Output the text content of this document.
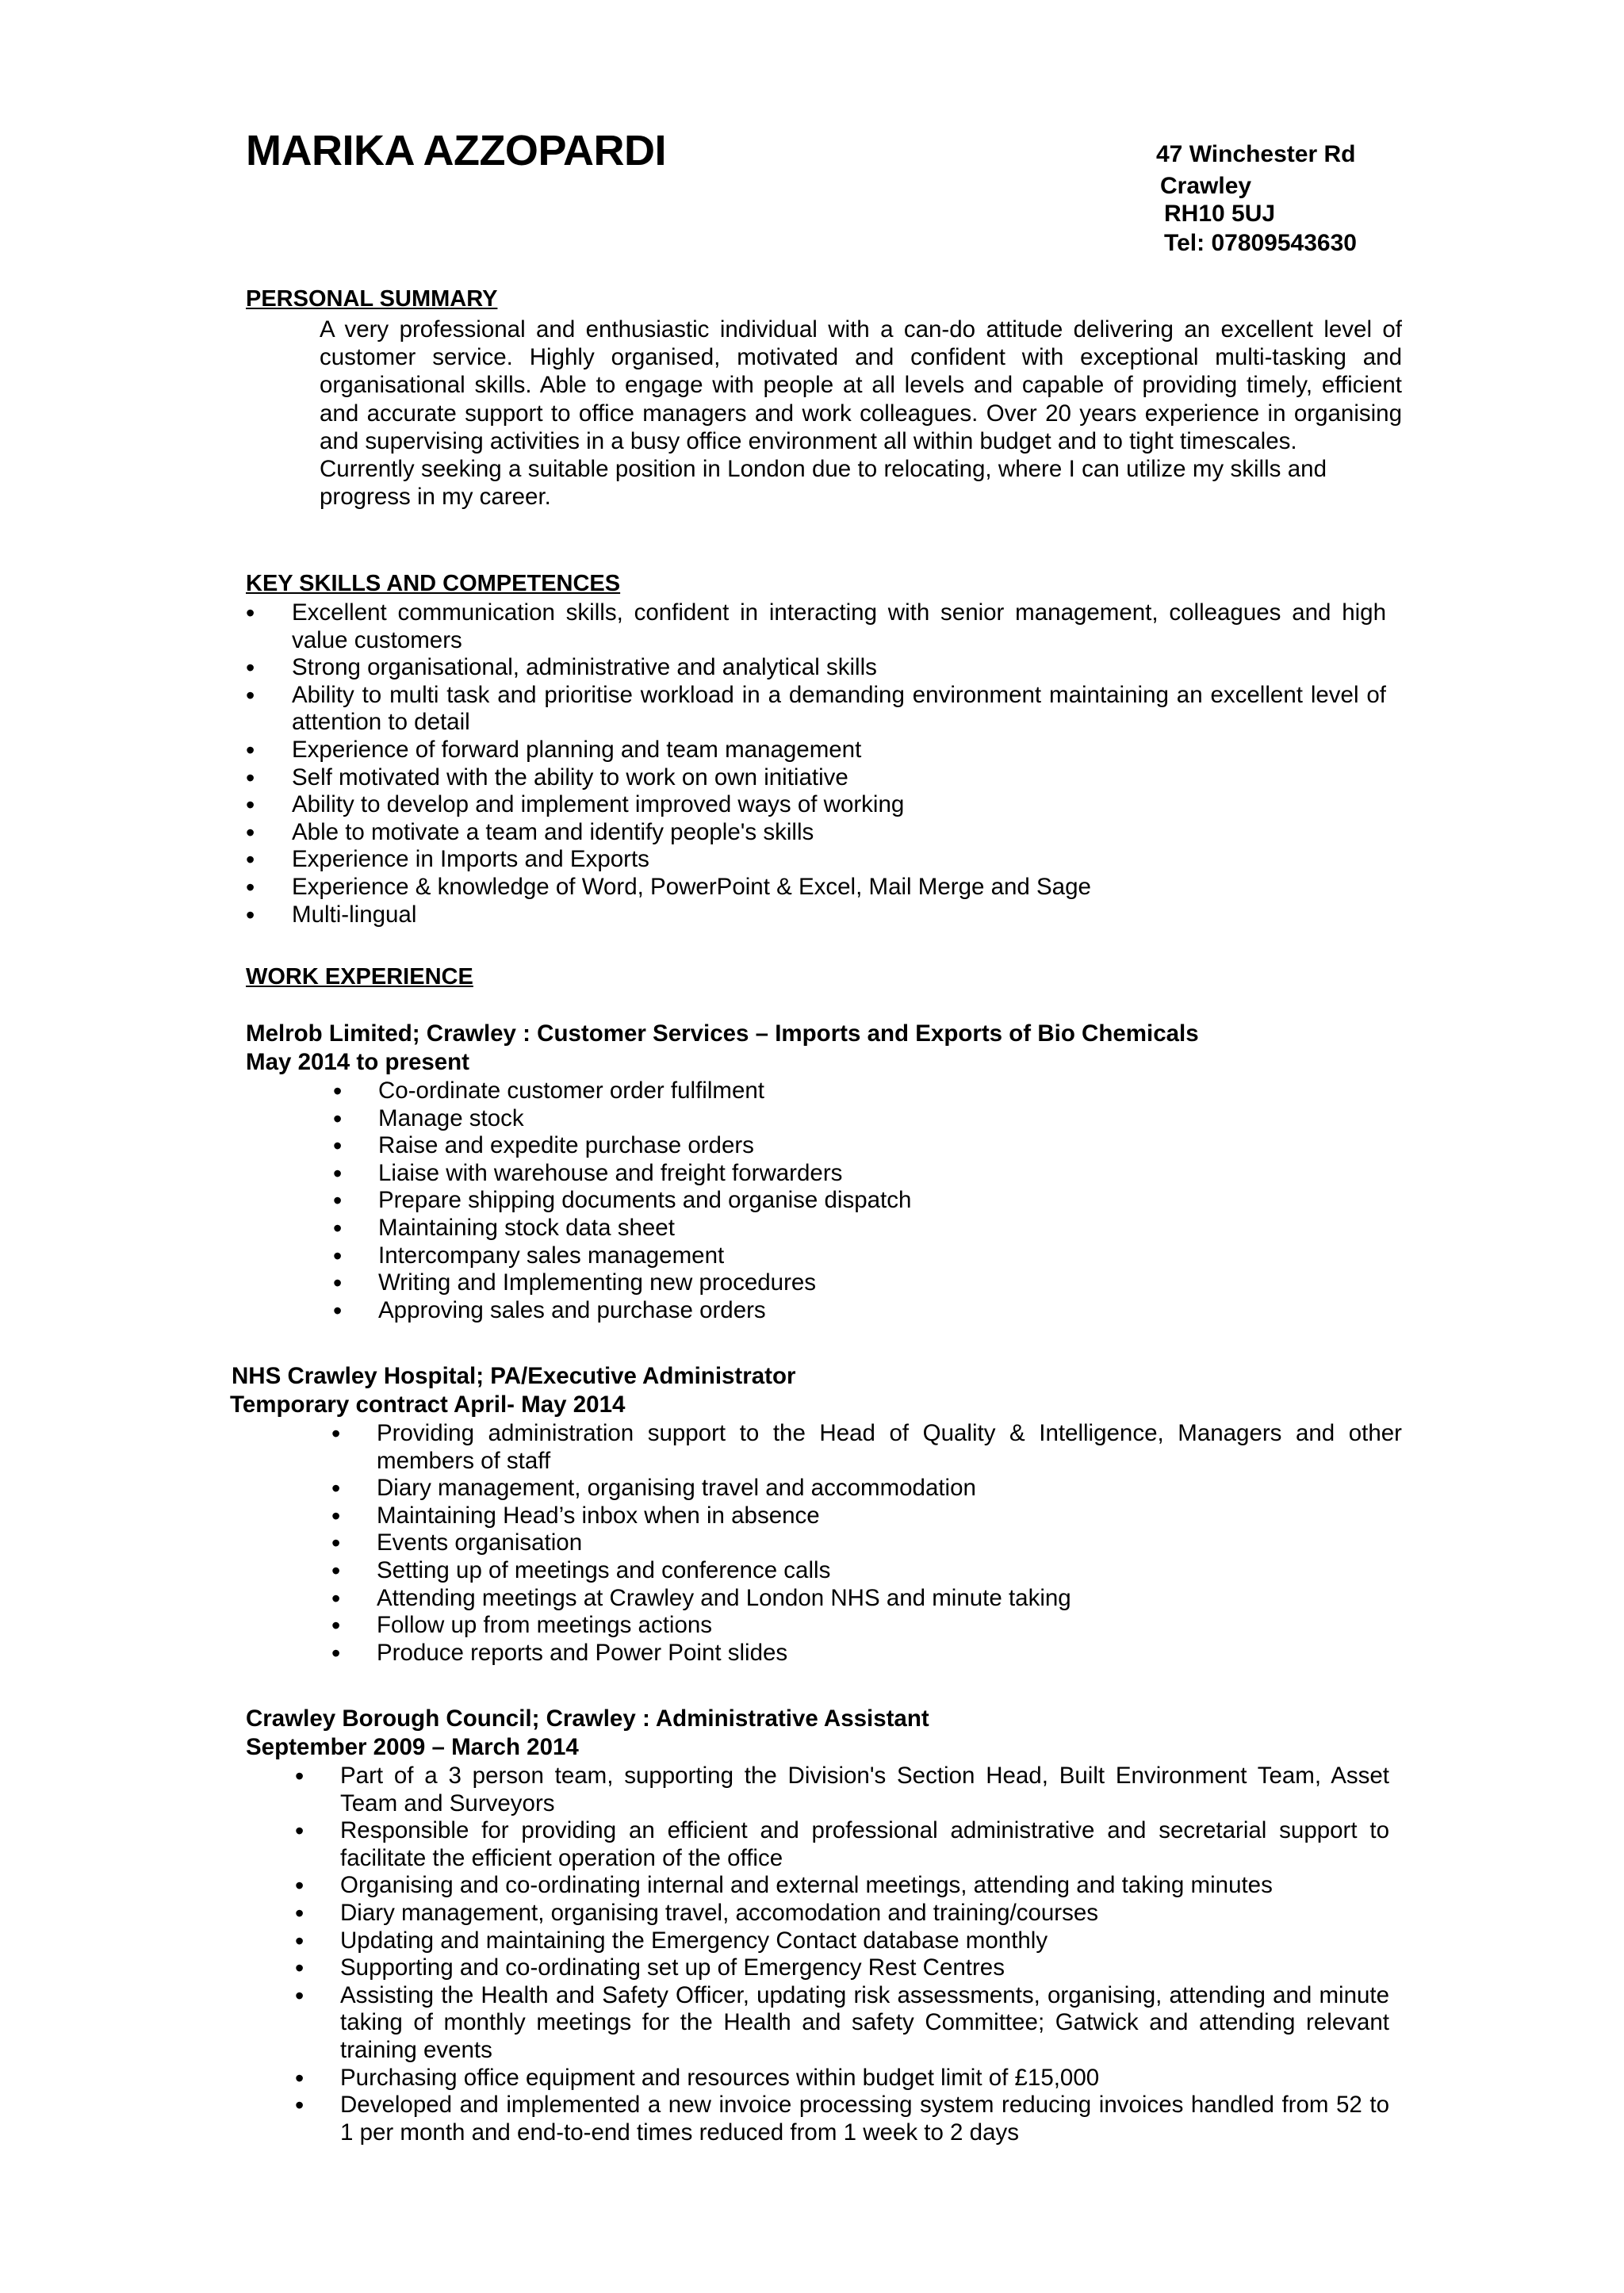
MARIKA AZZOPARDI	47 Winchester Rd
Crawley
RH10 5UJ
Tel: 07809543630
PERSONAL SUMMARY

A very professional and enthusiastic individual with a can-do attitude delivering an excellent level of customer service. Highly organised, motivated and confident with exceptional multi-tasking and organisational skills. Able to engage with people at all levels and capable of providing timely, efficient and accurate support to office managers and work colleagues. Over 20 years experience in organising and supervising activities in a busy office environment all within budget and to tight timescales.

Currently seeking a suitable position in London due to relocating, where I can utilize my skills and progress in my career.

KEY SKILLS AND COMPETENCES
• Excellent communication skills, confident in interacting with senior management, colleagues and high value customers
• Strong organisational, administrative and analytical skills
• Ability to multi task and prioritise workload in a demanding environment maintaining an excellent level of attention to detail
• Experience of forward planning and team management
• Self motivated with the ability to work on own initiative
• Ability to develop and implement improved ways of working
• Able to motivate a team and identify people's skills
• Experience in Imports and Exports
• Experience & knowledge of Word, PowerPoint & Excel, Mail Merge and Sage
• Multi-lingual
WORK EXPERIENCE
Melrob Limited; Crawley : Customer Services – Imports and Exports of Bio Chemicals
May 2014 to present
• Co-ordinate customer order fulfilment
• Manage stock
• Raise and expedite purchase orders
• Liaise with warehouse and freight forwarders
• Prepare shipping documents and organise dispatch
• Maintaining stock data sheet
• Intercompany sales management
• Writing and Implementing new procedures
• Approving sales and purchase orders
NHS Crawley Hospital; PA/Executive Administrator
Temporary contract April- May 2014
• Providing administration support to the Head of Quality & Intelligence, Managers and other members of staff
• Diary management, organising travel and accommodation
• Maintaining Head’s inbox when in absence
• Events organisation
• Setting up of meetings and conference calls
• Attending meetings at Crawley and London NHS and minute taking
• Follow up from meetings actions
• Produce reports and Power Point slides
Crawley Borough Council; Crawley : Administrative Assistant
September 2009 – March 2014
• Part of a 3 person team, supporting the Division's Section Head, Built Environment Team, Asset Team and Surveyors
• Responsible for providing an efficient and professional administrative and secretarial support to facilitate the efficient operation of the office
• Organising and co-ordinating internal and external meetings, attending and taking minutes
• Diary management, organising travel, accomodation and training/courses
• Updating and maintaining the Emergency Contact database monthly
• Supporting and co-ordinating set up of Emergency Rest Centres
• Assisting the Health and Safety Officer, updating risk assessments, organising, attending and minute taking of monthly meetings for the Health and safety Committee; Gatwick and attending relevant training events
• Purchasing office equipment and resources within budget limit of £15,000
• Developed and implemented a new invoice processing system reducing invoices handled from 52 to 1 per month and end-to-end times reduced from 1 week to 2 days
